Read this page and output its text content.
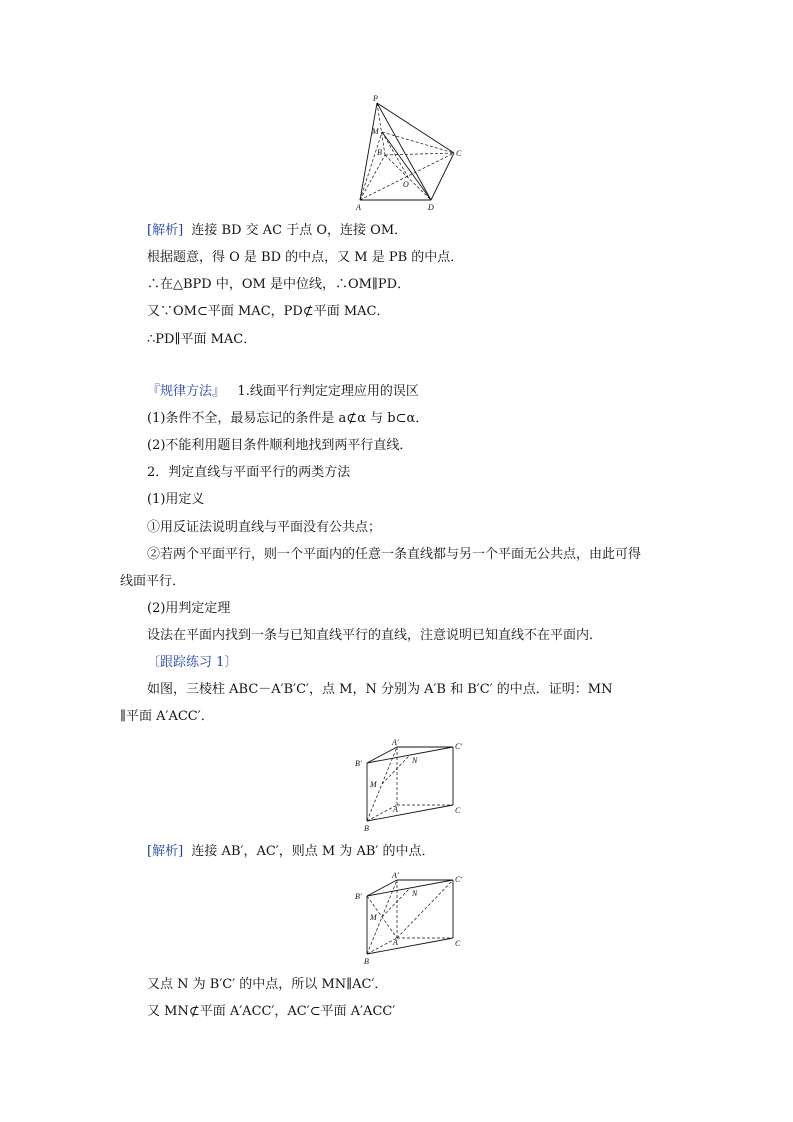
P
M
B	C
O
A	D
[解析] 连接 BD 交 AC 于点 O，连接 OM．
根据题意，得 O 是 BD 的中点，又 M 是 PB 的中点．
∴在△BPD 中，OM 是中位线，∴OM∥PD．
又∵OM⊂平面 MAC，PD⊄平面 MAC．
∴PD∥平面 MAC．
『规律方法』 1.线面平行判定定理应用的误区
(1)条件不全，最易忘记的条件是 a⊄α 与 b⊂α．
(2)不能利用题目条件顺利地找到两平行直线．
2．判定直线与平面平行的两类方法
(1)用定义
①用反证法说明直线与平面没有公共点；
②若两个平面平行，则一个平面内的任意一条直线都与另一个平面无公共点，由此可得
线面平行．
(2)用判定定理
设法在平面内找到一条与已知直线平行的直线，注意说明已知直线不在平面内．
〔跟踪练习 1〕
如图，三棱柱 ABC－A′B′C′，点 M，N 分别为 A′B 和 B′C′ 的中点．证明：MN
∥平面 A′ACC′．
A′	C′
B′	N
M
A	C
B
[解析] 连接 AB′，AC′，则点 M 为 AB′ 的中点．
A′	C′
B′	N
M
A	C
B
又点 N 为 B′C′ 的中点，所以 MN∥AC′．
又 MN⊄平面 A′ACC′，AC′⊂平面 A′ACC′
